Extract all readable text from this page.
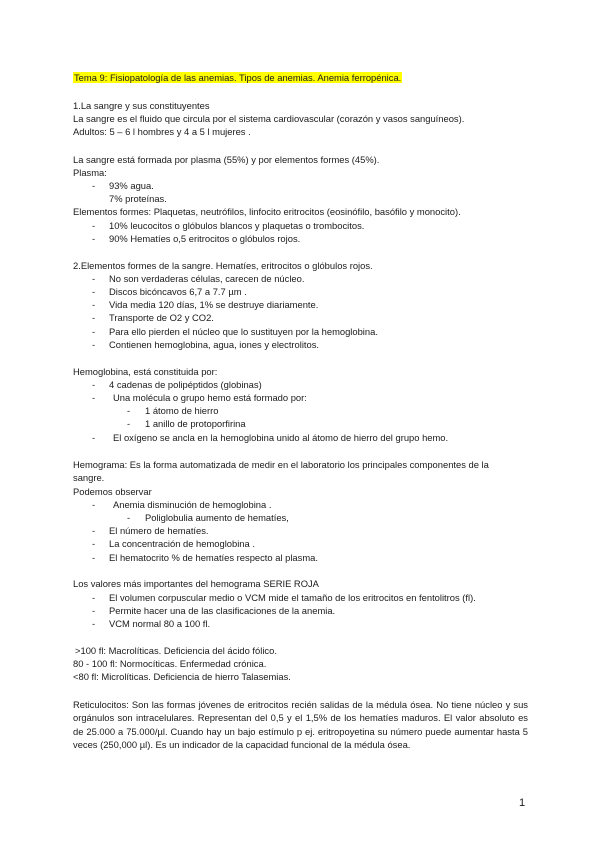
Tema 9: Fisiopatología de las anemias. Tipos de anemias. Anemia ferropénica.
1.La sangre y sus constituyentes
La sangre es el fluido que circula por el sistema cardiovascular (corazón y vasos sanguíneos).
Adultos: 5 – 6 l hombres y 4 a 5 l mujeres .
La sangre está formada por plasma (55%) y por elementos formes (45%).
Plasma:
- 93% agua.
7% proteínas.
Elementos formes: Plaquetas, neutrófilos, linfocito eritrocitos (eosinófilo, basófilo y monocito).
- 10% leucocitos o glóbulos blancos y plaquetas o trombocitos.
- 90% Hematíes o,5 eritrocitos o glóbulos rojos.
2.Elementos formes de la sangre. Hematíes, eritrocitos o glóbulos rojos.
- No son verdaderas células, carecen de núcleo.
- Discos bicóncavos 6,7 a 7.7 µm .
- Vida media 120 días, 1% se destruye diariamente.
- Transporte de O2 y CO2.
- Para ello pierden el núcleo que lo sustituyen por la hemoglobina.
- Contienen hemoglobina, agua, iones y electrolitos.
Hemoglobina, está constituida por:
- 4 cadenas de polipéptidos (globinas)
- Una molécula o grupo hemo está formado por:
- 1 átomo de hierro
- 1 anillo de protoporfirina
- El oxígeno se ancla en la hemoglobina unido al átomo de hierro del grupo hemo.
Hemograma: Es la forma automatizada de medir en el laboratorio los principales componentes de la
sangre.
Podemos observar
- Anemia disminución de hemoglobina .
- Poliglobulia aumento de hematíes,
- El número de hematíes.
- La concentración de hemoglobina .
- El hematocrito % de hematíes respecto al plasma.
Los valores más importantes del hemograma SERIE ROJA
- El volumen corpuscular medio o VCM mide el tamaño de los eritrocitos en fentolitros (fl).
- Permite hacer una de las clasificaciones de la anemia.
- VCM normal 80 a 100 fl.
>100 fl: Macrolíticas. Deficiencia del ácido fólico.
80 - 100 fl: Normocíticas. Enfermedad crónica.
<80 fl: Microlíticas. Deficiencia de hierro Talasemias.
Reticulocitos: Son las formas jóvenes de eritrocitos recién salidas de la médula ósea. No tiene núcleo y sus orgánulos son intracelulares. Representan del 0,5 y el 1,5% de los hematíes maduros. El valor absoluto es de 25.000 a 75.000/µl. Cuando hay un bajo estímulo p ej. eritropoyetina su número puede aumentar hasta 5 veces (250,000 µl). Es un indicador de la capacidad funcional de la médula ósea.
1
